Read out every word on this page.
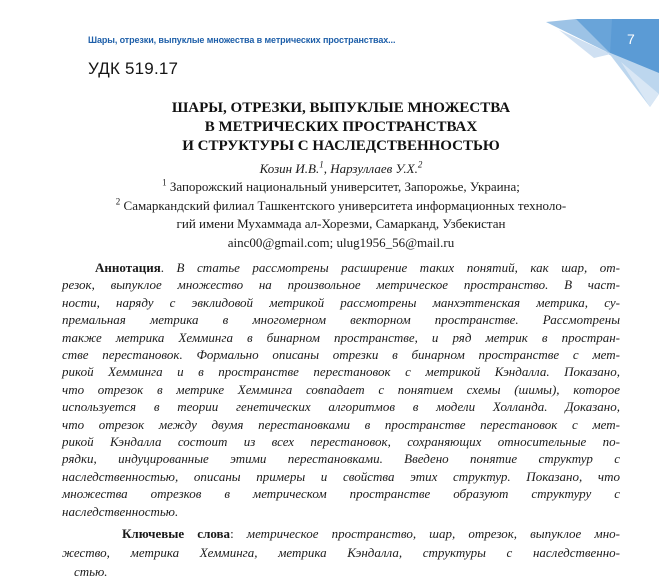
7
Шары, отрезки, выпуклые множества в метрических пространствах...
УДК 519.17
ШАРЫ, ОТРЕЗКИ, ВЫПУКЛЫЕ МНОЖЕСТВА
В МЕТРИЧЕСКИХ ПРОСТРАНСТВАХ
И СТРУКТУРЫ С НАСЛЕДСТВЕННОСТЬЮ
Козин И.В.$^1$, Нарзуллаев У.Х.$^2$
$^1$ Запорожский национальный университет, Запорожье, Украина;
$^2$ Самаркандский филиал Ташкентского университета информационных техноло-
гий имени Мухаммада ал-Хорезми, Самарканд, Узбекистан
ainc00@gmail.com; ulug1956_56@mail.ru
Аннотация. В статье рассмотрены расширение таких понятий, как шар, от-
резок, выпуклое множество на произвольное метрическое пространство. В част-
ности, наряду с эвклидовой метрикой рассмотрены манхэттенская метрика, су-
премальная метрика в многомерном векторном пространстве. Рассмотрены
также метрика Хемминга в бинарном пространстве, и ряд метрик в простран-
стве перестановок. Формально описаны отрезки в бинарном пространстве с мет-
рикой Хемминга и в пространстве перестановок с метрикой Кэндалла. Показано,
что отрезок в метрике Хемминга совпадает с понятием схемы (шимы), которое
используется в теории генетических алгоритмов в модели Холланда. Доказано,
что отрезок между двумя перестановками в пространстве перестановок с мет-
рикой Кэндалла состоит из всех перестановок, сохраняющих относительные по-
рядки, индуцированные этими перестановками. Введено понятие структур с
наследственностью, описаны примеры и свойства этих структур. Показано, что
множества отрезков в метрическом пространстве образуют структуру с
наследственностью.
Ключевые слова: метрическое пространство, шар, отрезок, выпуклое мно-
жество, метрика Хемминга, метрика Кэндалла, структуры с наследственно-
стью.
